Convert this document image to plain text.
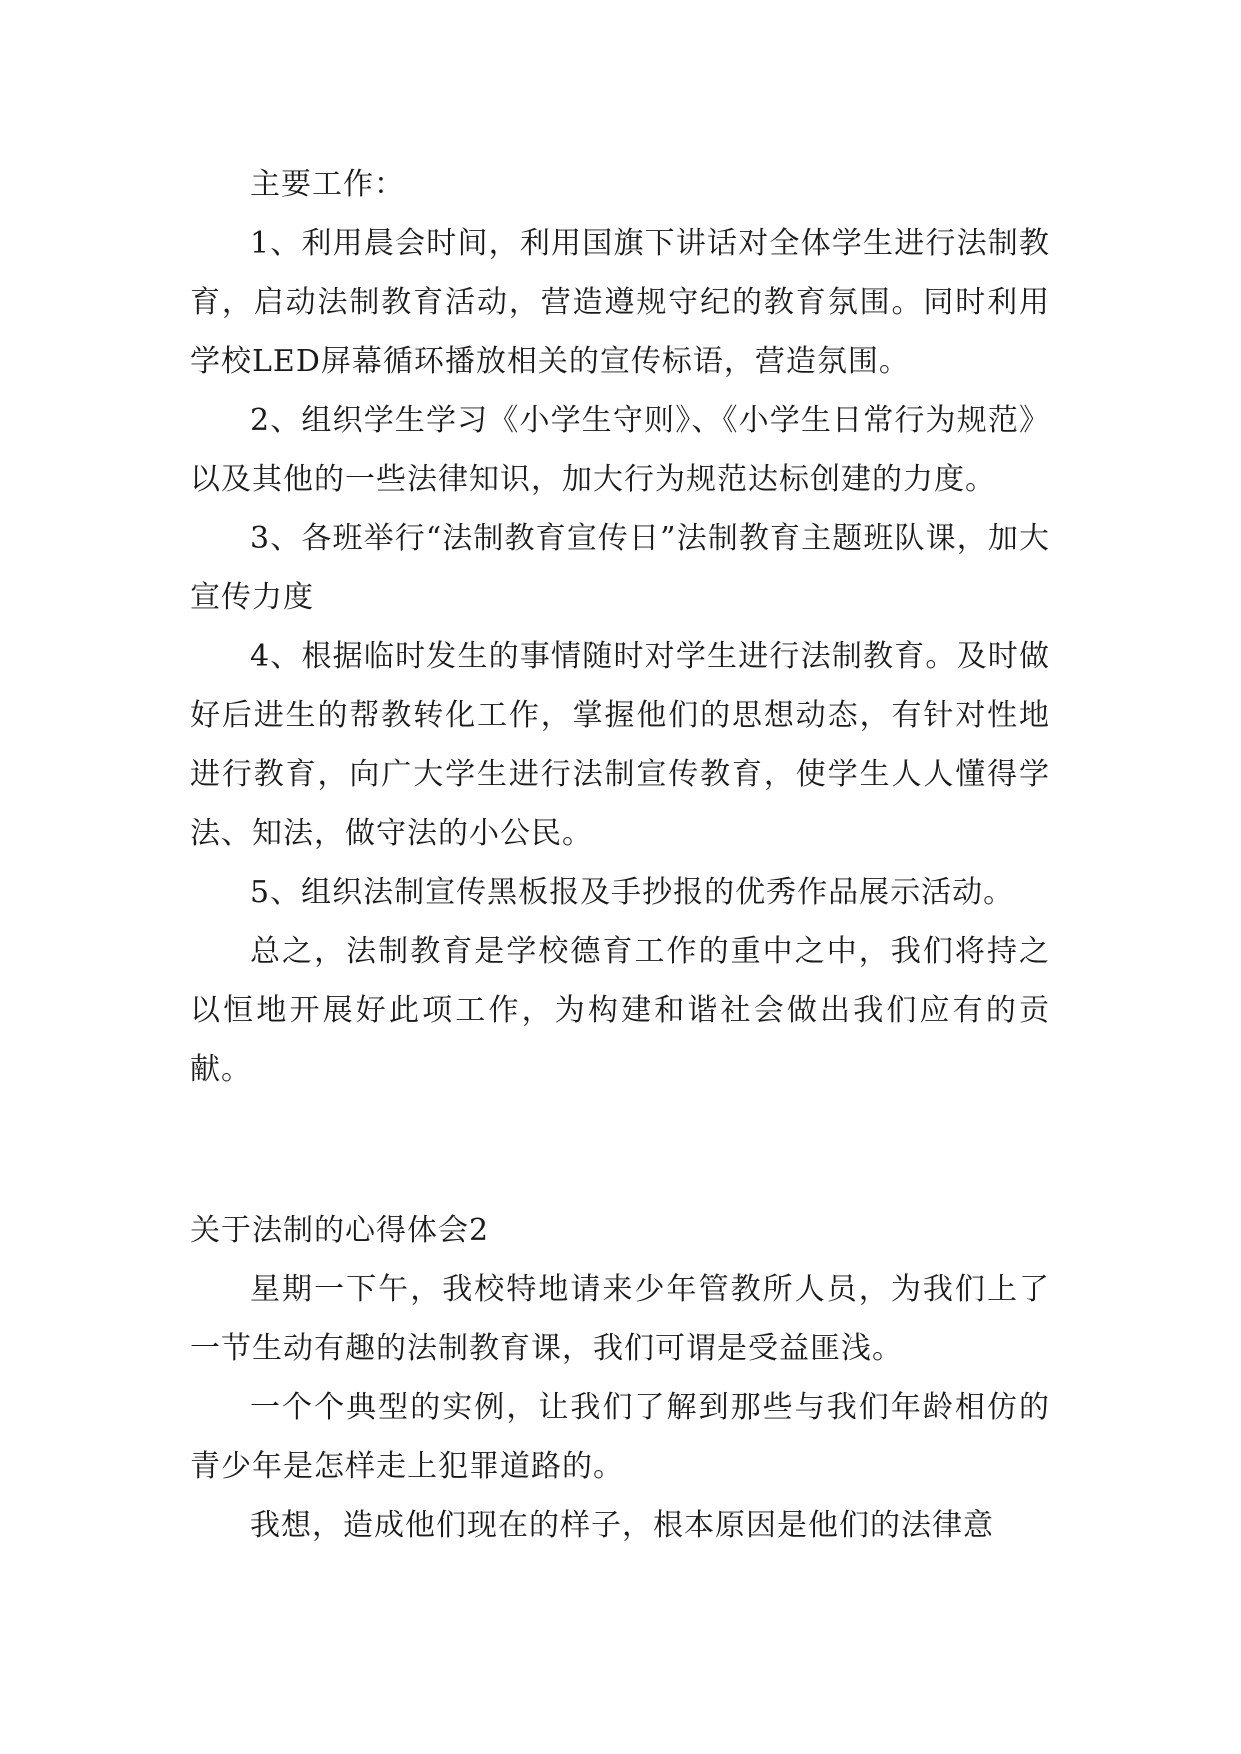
主要工作：

1、利用晨会时间，利用国旗下讲话对全体学生进行法制教育，启动法制教育活动，营造遵规守纪的教育氛围。同时利用学校LED屏幕循环播放相关的宣传标语，营造氛围。

2、组织学生学习《小学生守则》、《小学生日常行为规范》以及其他的一些法律知识，加大行为规范达标创建的力度。

3、各班举行“法制教育宣传日”法制教育主题班队课，加大宣传力度

4、根据临时发生的事情随时对学生进行法制教育。及时做好后进生的帮教转化工作，掌握他们的思想动态，有针对性地进行教育，向广大学生进行法制宣传教育，使学生人人懂得学法、知法，做守法的小公民。

5、组织法制宣传黑板报及手抄报的优秀作品展示活动。

总之，法制教育是学校德育工作的重中之中，我们将持之以恒地开展好此项工作，为构建和谐社会做出我们应有的贡献。

关于法制的心得体会2

星期一下午，我校特地请来少年管教所人员，为我们上了一节生动有趣的法制教育课，我们可谓是受益匪浅。

一个个典型的实例，让我们了解到那些与我们年龄相仿的青少年是怎样走上犯罪道路的。

我想，造成他们现在的样子，根本原因是他们的法律意
